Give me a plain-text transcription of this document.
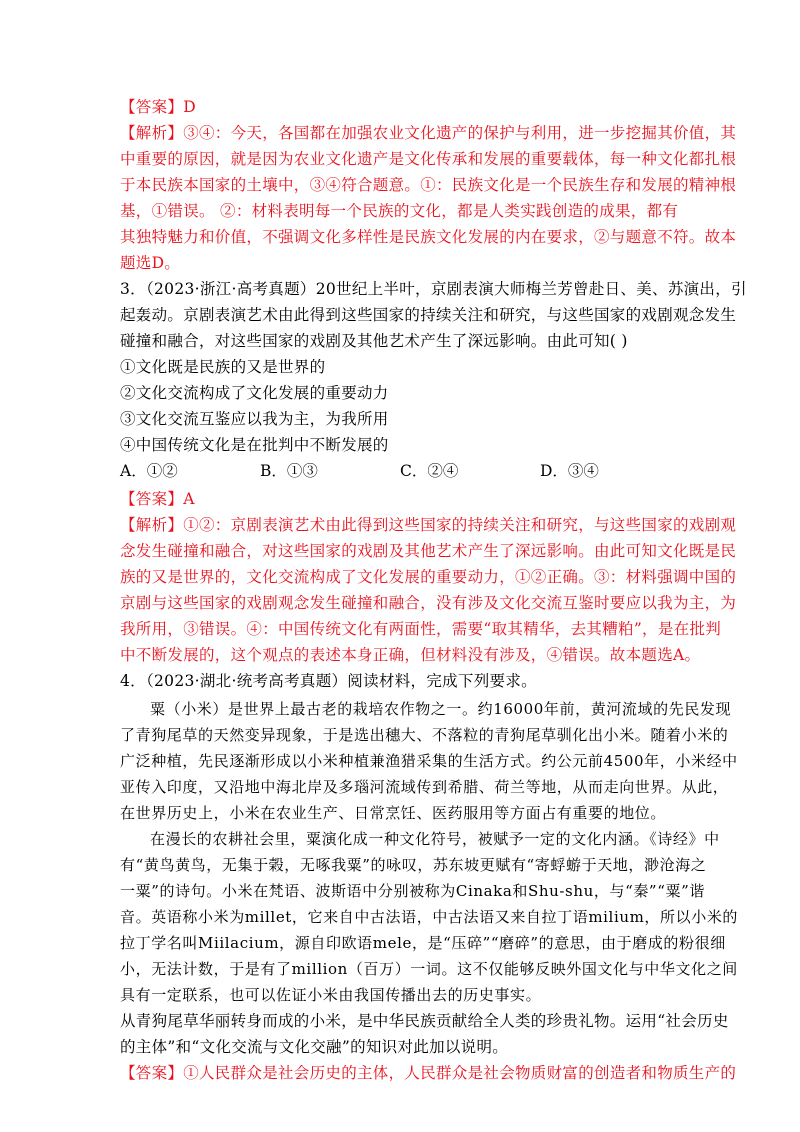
【答案】D
【解析】③④：今天，各国都在加强农业文化遗产的保护与利用，进一步挖掘其价值，其
中重要的原因，就是因为农业文化遗产是文化传承和发展的重要载体，每一种文化都扎根
于本民族本国家的土壤中，③④符合题意。①：民族文化是一个民族生存和发展的精神根
基，①错误。 ②：材料表明每一个民族的文化，都是人类实践创造的成果，都有
其独特魅力和价值，不强调文化多样性是民族文化发展的内在要求，②与题意不符。故本
题选D。
3．（2023·浙江·高考真题）20世纪上半叶，京剧表演大师梅兰芳曾赴日、美、苏演出，引
起轰动。京剧表演艺术由此得到这些国家的持续关注和研究，与这些国家的戏剧观念发生
碰撞和融合，对这些国家的戏剧及其他艺术产生了深远影响。由此可知( )
①文化既是民族的又是世界的
②文化交流构成了文化发展的重要动力
③文化交流互鉴应以我为主，为我所用
④中国传统文化是在批判中不断发展的
A．①②	B．①③	C．②④	D．③④
【答案】A
【解析】①②：京剧表演艺术由此得到这些国家的持续关注和研究，与这些国家的戏剧观
念发生碰撞和融合，对这些国家的戏剧及其他艺术产生了深远影响。由此可知文化既是民
族的又是世界的，文化交流构成了文化发展的重要动力，①②正确。③：材料强调中国的
京剧与这些国家的戏剧观念发生碰撞和融合，没有涉及文化交流互鉴时要应以我为主，为
我所用，③错误。④：中国传统文化有两面性，需要“取其精华，去其糟粕”，是在批判
中不断发展的，这个观点的表述本身正确，但材料没有涉及，④错误。故本题选A。
4．（2023·湖北·统考高考真题）阅读材料，完成下列要求。
粟（小米）是世界上最古老的栽培农作物之一。约16000年前，黄河流域的先民发现
了青狗尾草的天然变异现象，于是选出穗大、不落粒的青狗尾草驯化出小米。随着小米的
广泛种植，先民逐渐形成以小米种植兼渔猎采集的生活方式。约公元前4500年，小米经中
亚传入印度，又沿地中海北岸及多瑙河流域传到希腊、荷兰等地，从而走向世界。从此，
在世界历史上，小米在农业生产、日常烹饪、医药服用等方面占有重要的地位。
在漫长的农耕社会里，粟演化成一种文化符号，被赋予一定的文化内涵。《诗经》中
有“黄鸟黄鸟，无集于榖，无啄我粟”的咏叹，苏东坡更赋有“寄蜉蝣于天地，渺沧海之
一粟”的诗句。小米在梵语、波斯语中分别被称为Cinaka和Shu-shu，与“秦”“粟”谐
音。英语称小米为millet，它来自中古法语，中古法语又来自拉丁语milium，所以小米的
拉丁学名叫Miilacium，源自印欧语mele，是“压碎”“磨碎”的意思，由于磨成的粉很细
小，无法计数，于是有了million（百万）一词。这不仅能够反映外国文化与中华文化之间
具有一定联系，也可以佐证小米由我国传播出去的历史事实。
从青狗尾草华丽转身而成的小米，是中华民族贡献给全人类的珍贵礼物。运用“社会历史
的主体”和“文化交流与文化交融”的知识对此加以说明。
【答案】①人民群众是社会历史的主体，人民群众是社会物质财富的创造者和物质生产的
